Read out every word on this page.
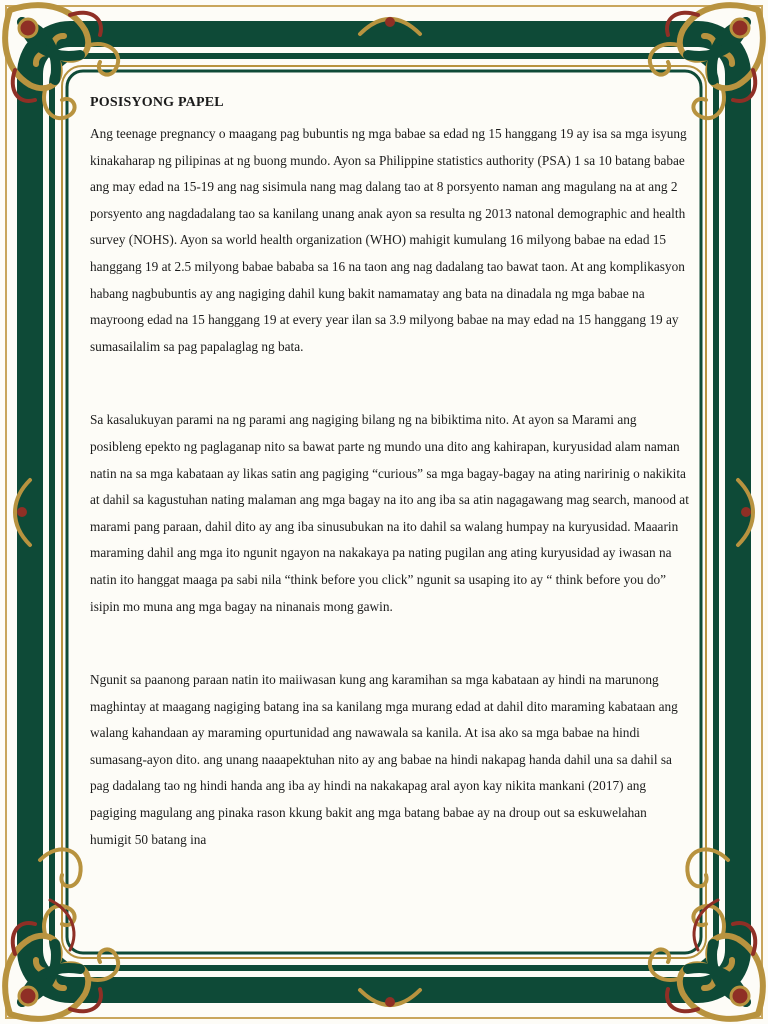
POSISYONG PAPEL

Ang teenage pregnancy o maagang pag bubuntis ng mga babae sa edad ng 15 hanggang 19 ay isa sa mga isyung kinakaharap ng pilipinas at ng buong mundo. Ayon sa Philippine statistics authority (PSA) 1 sa 10 batang babae ang may edad na 15-19 ang nag sisimula nang mag dalang tao at 8 porsyento naman ang magulang na at ang 2 porsyento ang nagdadalang tao sa kanilang unang anak ayon sa resulta ng 2013 natonal demographic and health survey (NOHS). Ayon sa world health organization (WHO) mahigit kumulang 16 milyong babae na edad 15 hanggang 19 at 2.5 milyong babae bababa sa 16 na taon ang nag dadalang tao bawat taon. At ang komplikasyon habang nagbubuntis ay ang nagiging dahil kung bakit namamatay ang bata na dinadala ng mga babae na mayroong edad na 15 hanggang 19 at every year ilan sa 3.9 milyong babae na may edad na 15 hanggang 19 ay sumasailalim sa pag papalaglag ng bata.

Sa kasalukuyan parami na ng parami ang nagiging bilang ng na bibiktima nito. At ayon sa Marami ang posibleng epekto ng paglaganap nito sa bawat parte ng mundo una dito ang kahirapan, kuryusidad alam naman natin na sa mga kabataan ay likas satin ang pagiging “curious” sa mga bagay-bagay na ating naririnig o nakikita at dahil sa kagustuhan nating malaman ang mga bagay na ito ang iba sa atin nagagawang mag search, manood at marami pang paraan, dahil dito ay ang iba sinusubukan na ito dahil sa walang humpay na kuryusidad. Maaarin maraming dahil ang mga ito ngunit ngayon na nakakaya pa nating pugilan ang ating kuryusidad ay iwasan na natin ito hanggat maaga pa sabi nila “think before you click” ngunit sa usaping ito ay “ think before you do” isipin mo muna ang mga bagay na ninanais mong gawin.

Ngunit sa paanong paraan natin ito maiiwasan kung ang karamihan sa mga kabataan ay hindi na marunong maghintay at maagang nagiging batang ina sa kanilang mga murang edad at dahil dito maraming kabataan ang walang kahandaan ay maraming opurtunidad ang nawawala sa kanila. At isa ako sa mga babae na hindi sumasang-ayon dito. ang unang naaapektuhan nito ay ang babae na hindi nakapag handa dahil una sa dahil sa pag dadalang tao ng hindi handa ang iba ay hindi na nakakapag aral ayon kay nikita mankani (2017) ang pagiging magulang ang pinaka rason kkung bakit ang mga batang babae ay na droup out sa eskuwelahan humigit 50 batang ina
